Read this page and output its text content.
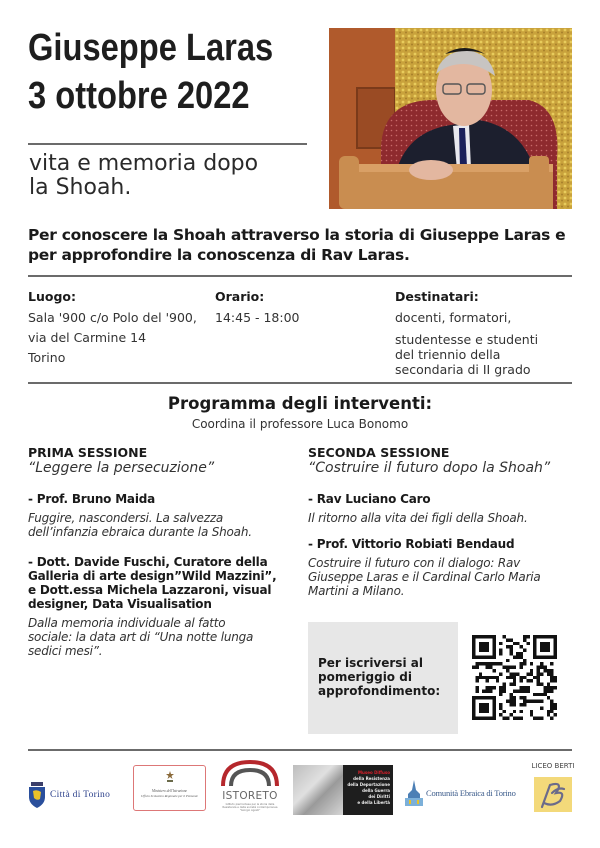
Giuseppe Laras
3 ottobre 2022
vita e memoria dopo
la Shoah.
Per conoscere la Shoah attraverso la storia di Giuseppe Laras e
per approfondire la conoscenza di Rav Laras.
Luogo:
Sala '900 c/o Polo del '900,
via del Carmine 14
Torino
Orario:
14:45 - 18:00
Destinatari:
docenti, formatori,
studentesse e studenti
del triennio della
secondaria di II grado
Programma degli interventi:
Coordina il professore Luca Bonomo
PRIMA SESSIONE
“Leggere la persecuzione”
- Prof. Bruno Maida
Fuggire, nascondersi. La salvezza
dell’infanzia ebraica durante la Shoah.
- Dott. Davide Fuschi, Curatore della
Galleria di arte design”Wild Mazzini”,
e Dott.essa Michela Lazzaroni, visual
designer, Data Visualisation
Dalla memoria individuale al fatto
sociale: la data art di “Una notte lunga
sedici mesi”.
SECONDA SESSIONE
“Costruire il futuro dopo la Shoah”
- Rav Luciano Caro
Il ritorno alla vita dei figli della Shoah.
- Prof. Vittorio Robiati Bendaud
Costruire il futuro con il dialogo: Rav
Giuseppe Laras e il Cardinal Carlo Maria
Martini a Milano.
Per iscriversi al
pomeriggio di
approfondimento:
Città di Torino	Ministero dell'Istruzione
Ufficio Scolastico Regionale per il Piemonte	ISTORETO
Istituto piemontese per la storia della Resistenza e della società contemporanea "Giorgio Agosti"
Museo Diffuso
della Resistenza
della Deportazione
della Guerra
dei Diritti
e della Libertà
Comunità Ebraica di Torino
LICEO BERTI
